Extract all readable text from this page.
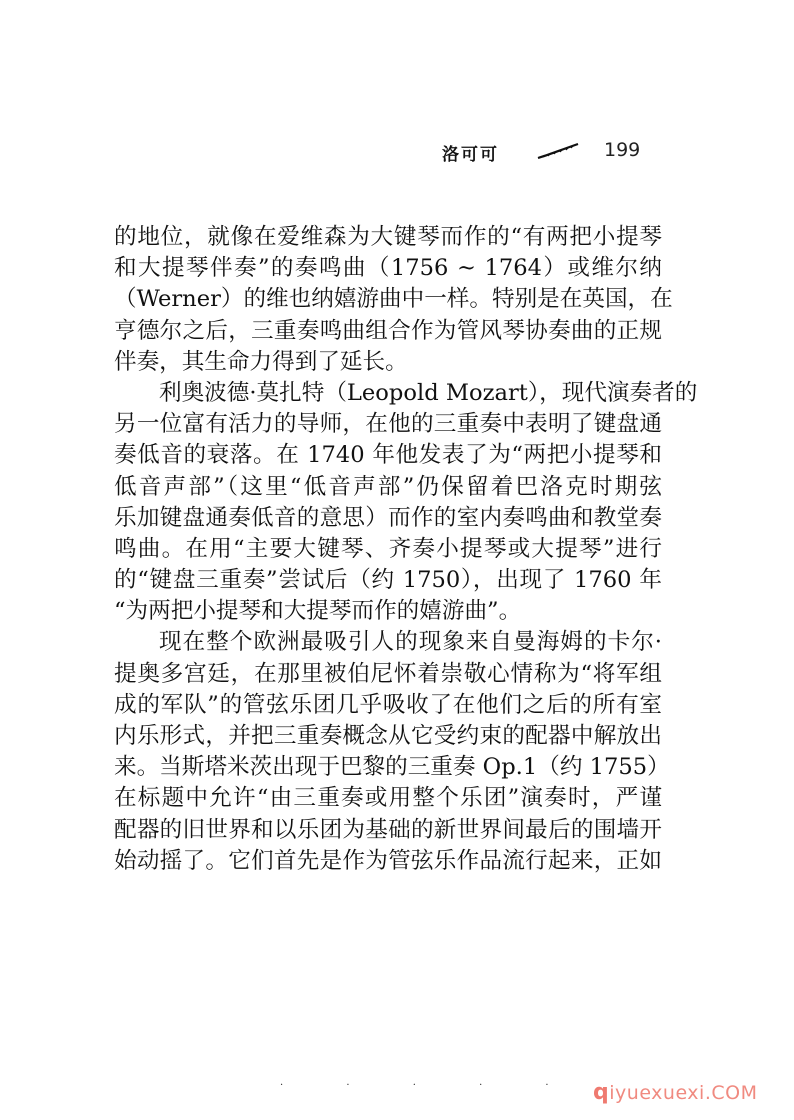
洛可可	199
的地位，就像在爱维森为大键琴而作的“有两把小提琴
和大提琴伴奏”的奏鸣曲（1756 ~ 1764）或维尔纳
（Werner）的维也纳嬉游曲中一样。特别是在英国，在
亨德尔之后，三重奏鸣曲组合作为管风琴协奏曲的正规
伴奏，其生命力得到了延长。
利奥波德·莫扎特（Leopold Mozart），现代演奏者的
另一位富有活力的导师，在他的三重奏中表明了键盘通
奏低音的衰落。在 1740 年他发表了为“两把小提琴和
低音声部”（这里“低音声部”仍保留着巴洛克时期弦
乐加键盘通奏低音的意思）而作的室内奏鸣曲和教堂奏
鸣曲。在用“主要大键琴、齐奏小提琴或大提琴”进行
的“键盘三重奏”尝试后（约 1750），出现了 1760 年
“为两把小提琴和大提琴而作的嬉游曲”。
现在整个欧洲最吸引人的现象来自曼海姆的卡尔·
提奥多宫廷，在那里被伯尼怀着崇敬心情称为“将军组
成的军队”的管弦乐团几乎吸收了在他们之后的所有室
内乐形式，并把三重奏概念从它受约束的配器中解放出
来。当斯塔米茨出现于巴黎的三重奏 Op.1（约 1755）
在标题中允许“由三重奏或用整个乐团”演奏时，严谨
配器的旧世界和以乐团为基础的新世界间最后的围墙开
始动摇了。它们首先是作为管弦乐作品流行起来，正如
· · · · · qiyuexuexi.COM
